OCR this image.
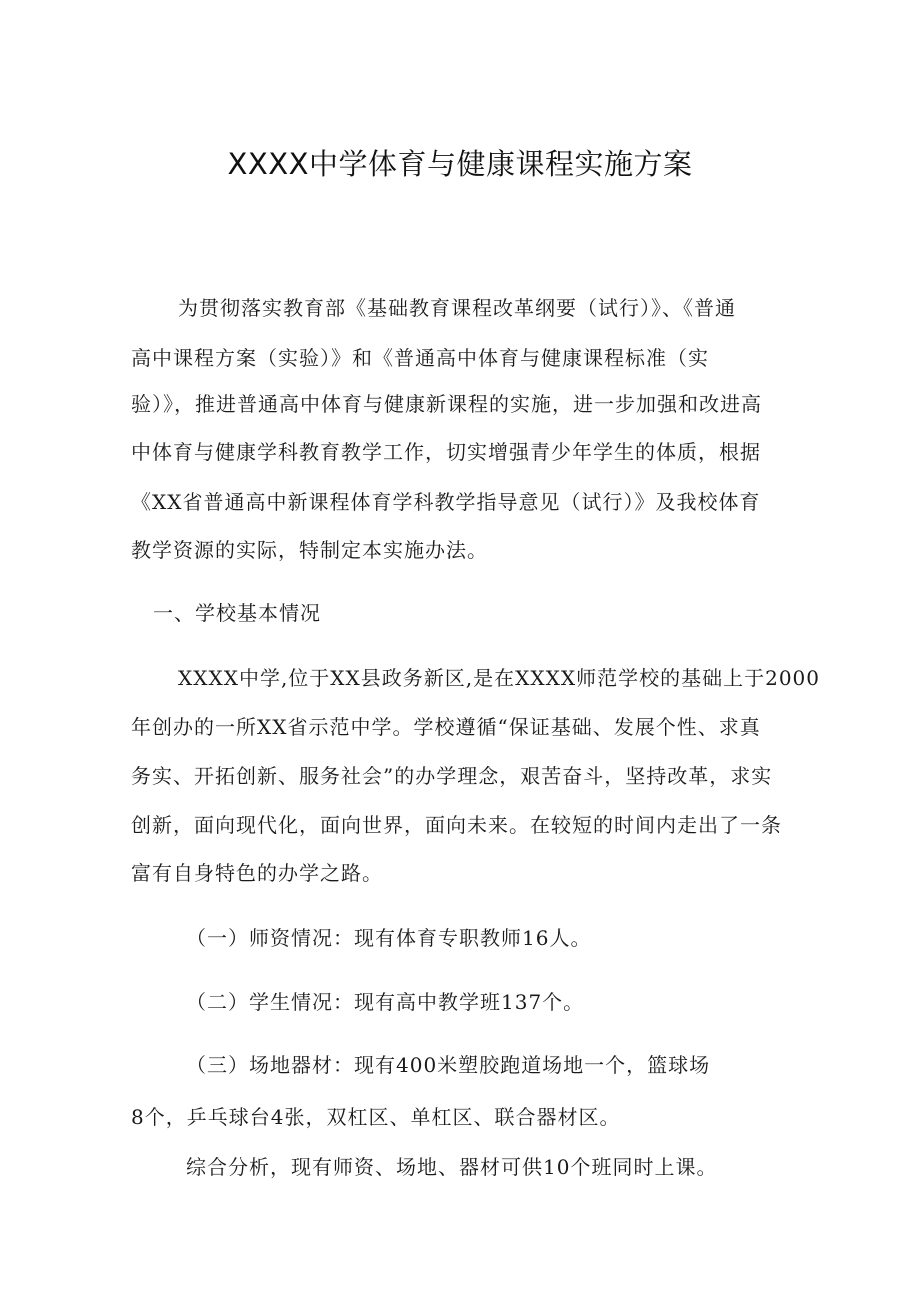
XXXX中学体育与健康课程实施方案
为贯彻落实教育部《基础教育课程改革纲要（试行）》、《普通
高中课程方案（实验）》和《普通高中体育与健康课程标准（实
验）》，推进普通高中体育与健康新课程的实施，进一步加强和改进高
中体育与健康学科教育教学工作，切实增强青少年学生的体质，根据
《XX省普通高中新课程体育学科教学指导意见（试行）》及我校体育
教学资源的实际，特制定本实施办法。
一、学校基本情况
XXXX中学,位于XX县政务新区,是在XXXX师范学校的基础上于2000
年创办的一所XX省示范中学。学校遵循“保证基础、发展个性、求真
务实、开拓创新、服务社会”的办学理念，艰苦奋斗，坚持改革，求实
创新，面向现代化，面向世界，面向未来。在较短的时间内走出了一条
富有自身特色的办学之路。
（一）师资情况：现有体育专职教师16人。
（二）学生情况：现有高中教学班137个。
（三）场地器材：现有400米塑胶跑道场地一个，篮球场
8个，乒乓球台4张，双杠区、单杠区、联合器材区。
综合分析，现有师资、场地、器材可供10个班同时上课。
